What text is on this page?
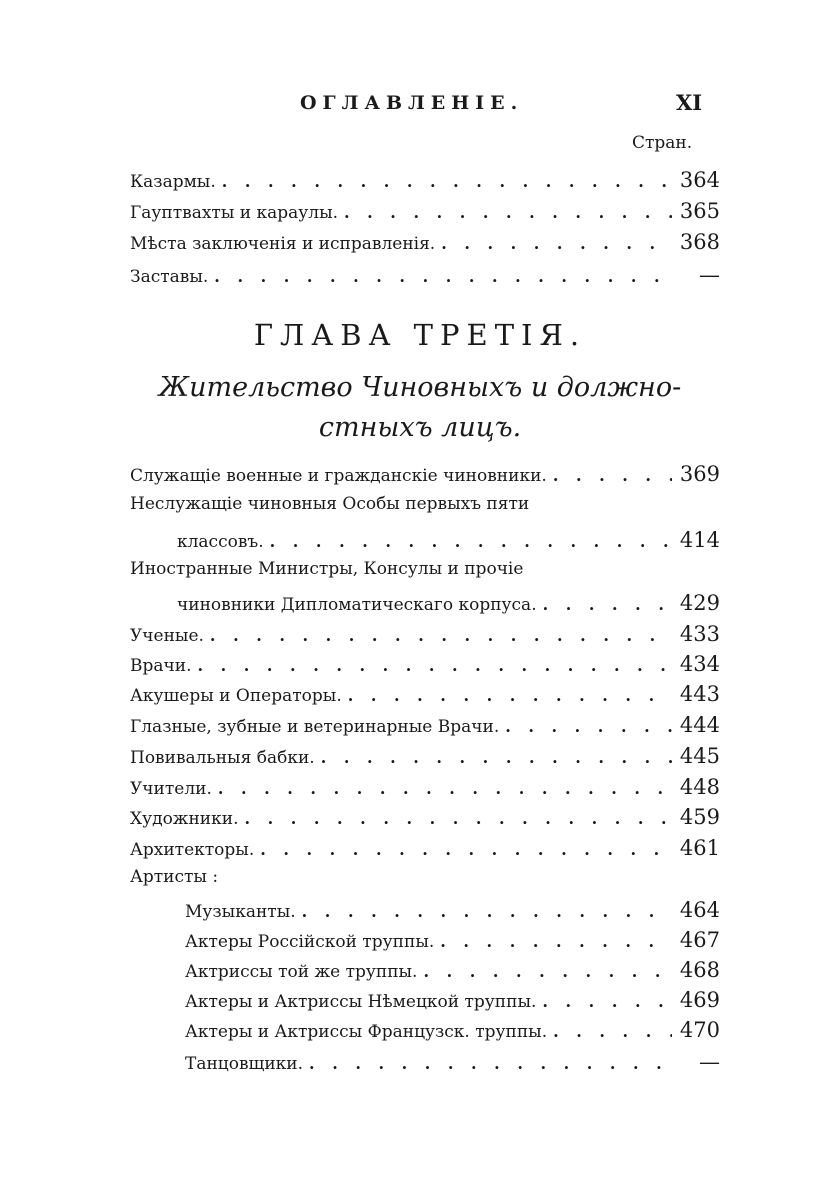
ОГЛАВЛЕНІЕ.	XI
Стран.
Казармы. . . .	364
Гауптвахты и караулы. . . .	365
Мѣста заключенія и исправленія. . . .	368
Заставы. . . .	—
ГЛАВА ТРЕТІЯ.
Жительство Чиновныхъ и должно-
стныхъ лицъ.
Служащіе военные и гражданскіе чиновники. . . .	369
Неслужащіе чиновныя Особы первыхъ пяти
классовъ. . . .	414
Иностранные Министры, Консулы и прочіе
чиновники Дипломатическаго корпуса. . . .	429
Ученые. . . .	433
Врачи. . . .	434
Акушеры и Операторы. . . .	443
Глазные, зубные и ветеринарные Врачи. . . .	444
Повивальныя бабки. . . .	445
Учители. . . .	448
Художники. . . .	459
Архитекторы. . . .	461
Артисты :
Музыканты. . . .	464
Актеры Россійской труппы. . . .	467
Актриссы той же труппы. . . .	468
Актеры и Актриссы Нѣмецкой труппы. . . .	469
Актеры и Актриссы Французск. труппы. . . .	470
Танцовщики. . . .	—
